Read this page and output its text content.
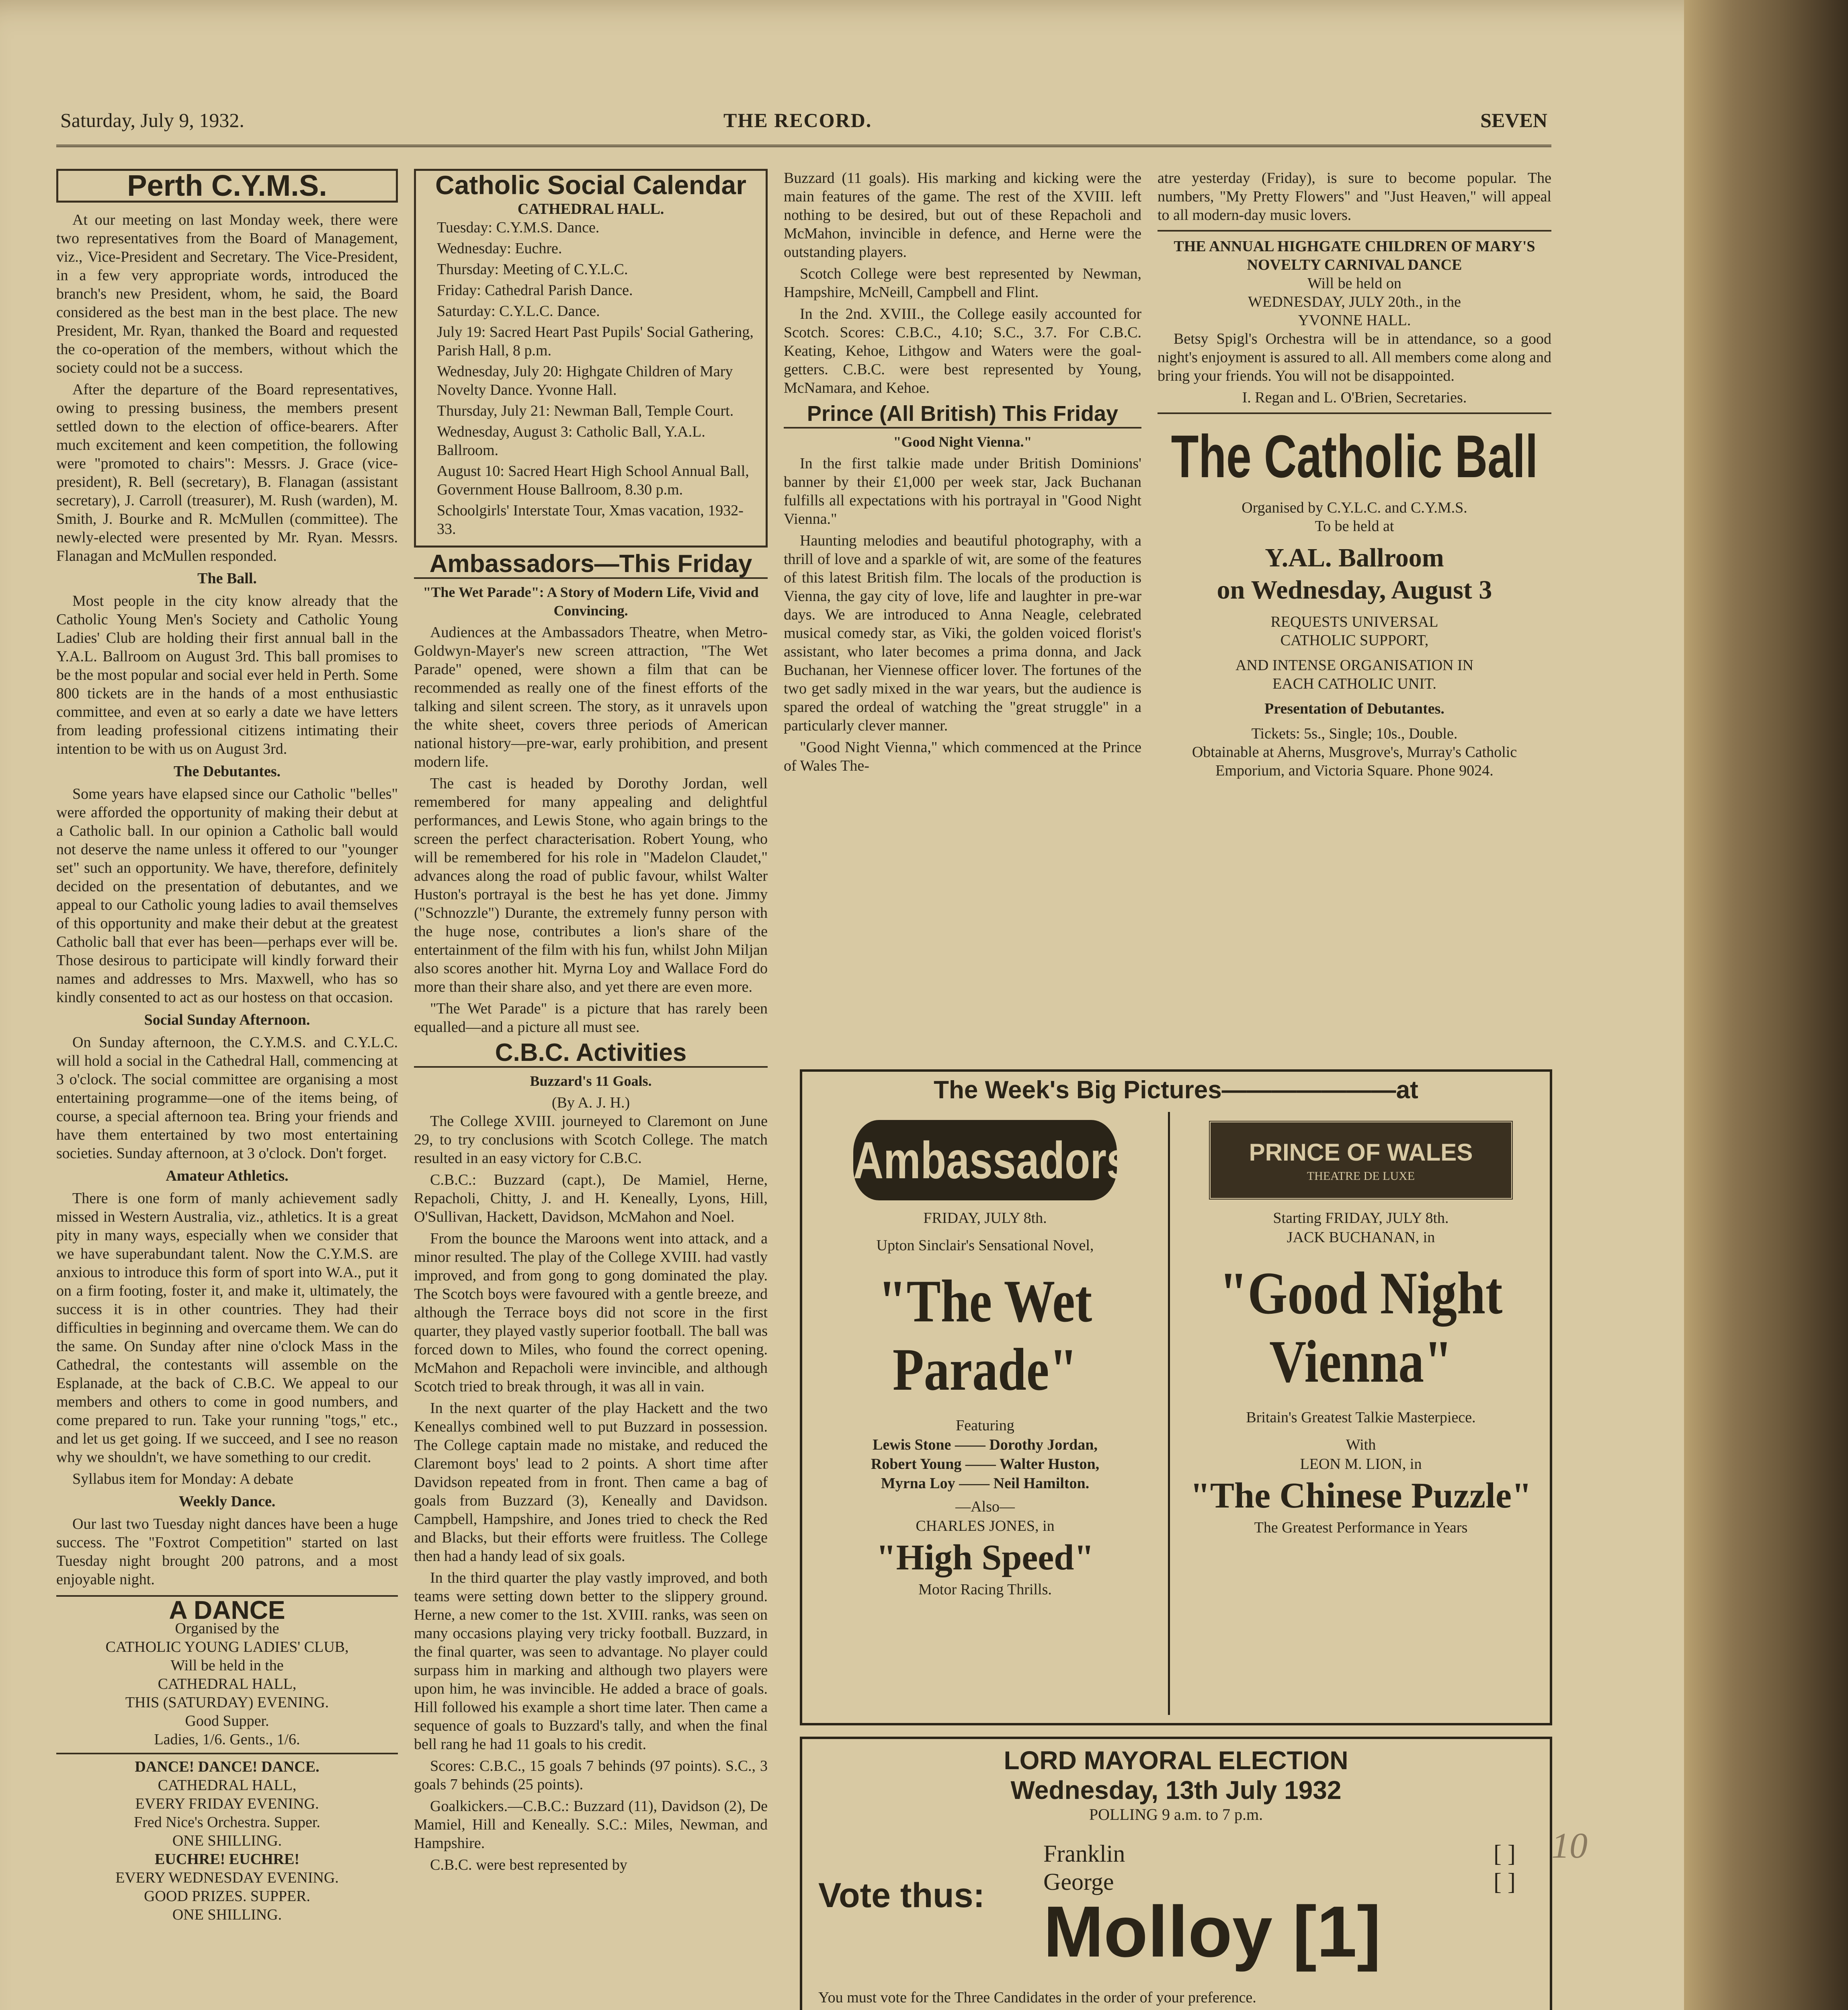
Saturday, July 9, 1932.	THE RECORD.	SEVEN
Perth C.Y.M.S.

At our meeting on last Monday week, there were two representatives from the Board of Management, viz., Vice-President and Secretary. The Vice-President, in a few very appropriate words, introduced the branch's new President, whom, he said, the Board considered as the best man in the best place. The new President, Mr. Ryan, thanked the Board and requested the co-operation of the members, without which the society could not be a success.

After the departure of the Board representatives, owing to pressing business, the members present settled down to the election of office-bearers. After much excitement and keen competition, the following were "promoted to chairs": Messrs. J. Grace (vice-president), R. Bell (secretary), B. Flanagan (assistant secretary), J. Carroll (treasurer), M. Rush (warden), M. Smith, J. Bourke and R. McMullen (committee). The newly-elected were presented by Mr. Ryan. Messrs. Flanagan and McMullen responded.

The Ball.

Most people in the city know already that the Catholic Young Men's Society and Catholic Young Ladies' Club are holding their first annual ball in the Y.A.L. Ballroom on August 3rd. This ball promises to be the most popular and social ever held in Perth. Some 800 tickets are in the hands of a most enthusiastic committee, and even at so early a date we have letters from leading professional citizens intimating their intention to be with us on August 3rd.

The Debutantes.

Some years have elapsed since our Catholic "belles" were afforded the opportunity of making their debut at a Catholic ball. In our opinion a Catholic ball would not deserve the name unless it offered to our "younger set" such an opportunity. We have, therefore, definitely decided on the presentation of debutantes, and we appeal to our Catholic young ladies to avail themselves of this opportunity and make their debut at the greatest Catholic ball that ever has been—perhaps ever will be. Those desirous to participate will kindly forward their names and addresses to Mrs. Maxwell, who has so kindly consented to act as our hostess on that occasion.

Social Sunday Afternoon.

On Sunday afternoon, the C.Y.M.S. and C.Y.L.C. will hold a social in the Cathedral Hall, commencing at 3 o'clock. The social committee are organising a most entertaining programme—one of the items being, of course, a special afternoon tea. Bring your friends and have them entertained by two most entertaining societies. Sunday afternoon, at 3 o'clock. Don't forget.

Amateur Athletics.

There is one form of manly achievement sadly missed in Western Australia, viz., athletics. It is a great pity in many ways, especially when we consider that we have superabundant talent. Now the C.Y.M.S. are anxious to introduce this form of sport into W.A., put it on a firm footing, foster it, and make it, ultimately, the success it is in other countries. They had their difficulties in beginning and overcame them. We can do the same. On Sunday after nine o'clock Mass in the Cathedral, the contestants will assemble on the Esplanade, at the back of C.B.C. We appeal to our members and others to come in good numbers, and come prepared to run. Take your running "togs," etc., and let us get going. If we succeed, and I see no reason why we shouldn't, we have something to our credit.

Syllabus item for Monday: A debate

Weekly Dance.

Our last two Tuesday night dances have been a huge success. The "Foxtrot Competition" started on last Tuesday night brought 200 patrons, and a most enjoyable night.

A DANCE
Organised by the
CATHOLIC YOUNG LADIES' CLUB,
Will be held in the
CATHEDRAL HALL,
THIS (SATURDAY) EVENING.
Good Supper.
Ladies, 1/6. Gents., 1/6.
DANCE! DANCE! DANCE.
CATHEDRAL HALL,
EVERY FRIDAY EVENING.
Fred Nice's Orchestra. Supper.
ONE SHILLING.
EUCHRE! EUCHRE!
EVERY WEDNESDAY EVENING.
GOOD PRIZES. SUPPER.
ONE SHILLING.
Catholic Social Calendar
CATHEDRAL HALL.

Tuesday: C.Y.M.S. Dance.

Wednesday: Euchre.

Thursday: Meeting of C.Y.L.C.

Friday: Cathedral Parish Dance.

Saturday: C.Y.L.C. Dance.

July 19: Sacred Heart Past Pupils' Social Gathering, Parish Hall, 8 p.m.

Wednesday, July 20: Highgate Children of Mary Novelty Dance. Yvonne Hall.

Thursday, July 21: Newman Ball, Temple Court.

Wednesday, August 3: Catholic Ball, Y.A.L. Ballroom.

August 10: Sacred Heart High School Annual Ball, Government House Ballroom, 8.30 p.m.

Schoolgirls' Interstate Tour, Xmas vacation, 1932-33.

Ambassadors—This Friday
"The Wet Parade": A Story of Modern Life, Vivid and Convincing.

Audiences at the Ambassadors Theatre, when Metro-Goldwyn-Mayer's new screen attraction, "The Wet Parade" opened, were shown a film that can be recommended as really one of the finest efforts of the talking and silent screen. The story, as it unravels upon the white sheet, covers three periods of American national history—pre-war, early prohibition, and present modern life.

The cast is headed by Dorothy Jordan, well remembered for many appealing and delightful performances, and Lewis Stone, who again brings to the screen the perfect characterisation. Robert Young, who will be remembered for his role in "Madelon Claudet," advances along the road of public favour, whilst Walter Huston's portrayal is the best he has yet done. Jimmy ("Schnozzle") Durante, the extremely funny person with the huge nose, contributes a lion's share of the entertainment of the film with his fun, whilst John Miljan also scores another hit. Myrna Loy and Wallace Ford do more than their share also, and yet there are even more.

"The Wet Parade" is a picture that has rarely been equalled—and a picture all must see.

C.B.C. Activities
Buzzard's 11 Goals.
(By A. J. H.)

The College XVIII. journeyed to Claremont on June 29, to try conclusions with Scotch College. The match resulted in an easy victory for C.B.C.

C.B.C.: Buzzard (capt.), De Mamiel, Herne, Repacholi, Chitty, J. and H. Keneally, Lyons, Hill, O'Sullivan, Hackett, Davidson, McMahon and Noel.

From the bounce the Maroons went into attack, and a minor resulted. The play of the College XVIII. had vastly improved, and from gong to gong dominated the play. The Scotch boys were favoured with a gentle breeze, and although the Terrace boys did not score in the first quarter, they played vastly superior football. The ball was forced down to Miles, who found the correct opening. McMahon and Repacholi were invincible, and although Scotch tried to break through, it was all in vain.

In the next quarter of the play Hackett and the two Keneallys combined well to put Buzzard in possession. The College captain made no mistake, and reduced the Claremont boys' lead to 2 points. A short time after Davidson repeated from in front. Then came a bag of goals from Buzzard (3), Keneally and Davidson. Campbell, Hampshire, and Jones tried to check the Red and Blacks, but their efforts were fruitless. The College then had a handy lead of six goals.

In the third quarter the play vastly improved, and both teams were setting down better to the slippery ground. Herne, a new comer to the 1st. XVIII. ranks, was seen on many occasions playing very tricky football. Buzzard, in the final quarter, was seen to advantage. No player could surpass him in marking and although two players were upon him, he was invincible. He added a brace of goals. Hill followed his example a short time later. Then came a sequence of goals to Buzzard's tally, and when the final bell rang he had 11 goals to his credit.

Scores: C.B.C., 15 goals 7 behinds (97 points). S.C., 3 goals 7 behinds (25 points).

Goalkickers.—C.B.C.: Buzzard (11), Davidson (2), De Mamiel, Hill and Keneally. S.C.: Miles, Newman, and Hampshire.

C.B.C. were best represented by

Buzzard (11 goals). His marking and kicking were the main features of the game. The rest of the XVIII. left nothing to be desired, but out of these Repacholi and McMahon, invincible in defence, and Herne were the outstanding players.

Scotch College were best represented by Newman, Hampshire, McNeill, Campbell and Flint.

In the 2nd. XVIII., the College easily accounted for Scotch. Scores: C.B.C., 4.10; S.C., 3.7. For C.B.C. Keating, Kehoe, Lithgow and Waters were the goal-getters. C.B.C. were best represented by Young, McNamara, and Kehoe.

Prince (All British) This Friday
"Good Night Vienna."

In the first talkie made under British Dominions' banner by their £1,000 per week star, Jack Buchanan fulfills all expectations with his portrayal in "Good Night Vienna."

Haunting melodies and beautiful photography, with a thrill of love and a sparkle of wit, are some of the features of this latest British film. The locals of the production is Vienna, the gay city of love, life and laughter in pre-war days. We are introduced to Anna Neagle, celebrated musical comedy star, as Viki, the golden voiced florist's assistant, who later becomes a prima donna, and Jack Buchanan, her Viennese officer lover. The fortunes of the two get sadly mixed in the war years, but the audience is spared the ordeal of watching the "great struggle" in a particularly clever manner.

"Good Night Vienna," which commenced at the Prince of Wales The-

atre yesterday (Friday), is sure to become popular. The numbers, "My Pretty Flowers" and "Just Heaven," will appeal to all modern-day music lovers.

THE ANNUAL HIGHGATE CHILDREN OF MARY'S NOVELTY CARNIVAL DANCE
Will be held on
WEDNESDAY, JULY 20th., in the
YVONNE HALL.

Betsy Spigl's Orchestra will be in attendance, so a good night's enjoyment is assured to all. All members come along and bring your friends. You will not be disappointed.

I. Regan and L. O'Brien, Secretaries.
The Catholic Ball
Organised by C.Y.L.C. and C.Y.M.S.
To be held at
Y.AL. Ballroom
on Wednesday, August 3
REQUESTS UNIVERSAL
CATHOLIC SUPPORT,
AND INTENSE ORGANISATION IN
EACH CATHOLIC UNIT.
Presentation of Debutantes.
Tickets: 5s., Single; 10s., Double.
Obtainable at Aherns, Musgrove's, Murray's Catholic Emporium, and Victoria Square. Phone 9024.
The Week's Big Pictures———————at
Ambassadors
FRIDAY, JULY 8th.
Upton Sinclair's Sensational Novel,
"The Wet Parade"
Featuring
Lewis Stone —— Dorothy Jordan,
Robert Young —— Walter Huston,
Myrna Loy —— Neil Hamilton.
—Also—
CHARLES JONES, in
"High Speed"
Motor Racing Thrills.
PRINCE OF WALES
THEATRE DE LUXE
Starting FRIDAY, JULY 8th.
JACK BUCHANAN, in
"Good Night Vienna"
Britain's Greatest Talkie Masterpiece.
With
LEON M. LION, in
"The Chinese Puzzle"
The Greatest Performance in Years
LORD MAYORAL ELECTION
Wednesday, 13th July 1932
POLLING 9 a.m. to 7 p.m.
Vote thus:
Franklin
George
[ ]
[ ]
Molloy [1]
You must vote for the Three Candidates in the order of your preference.

10
